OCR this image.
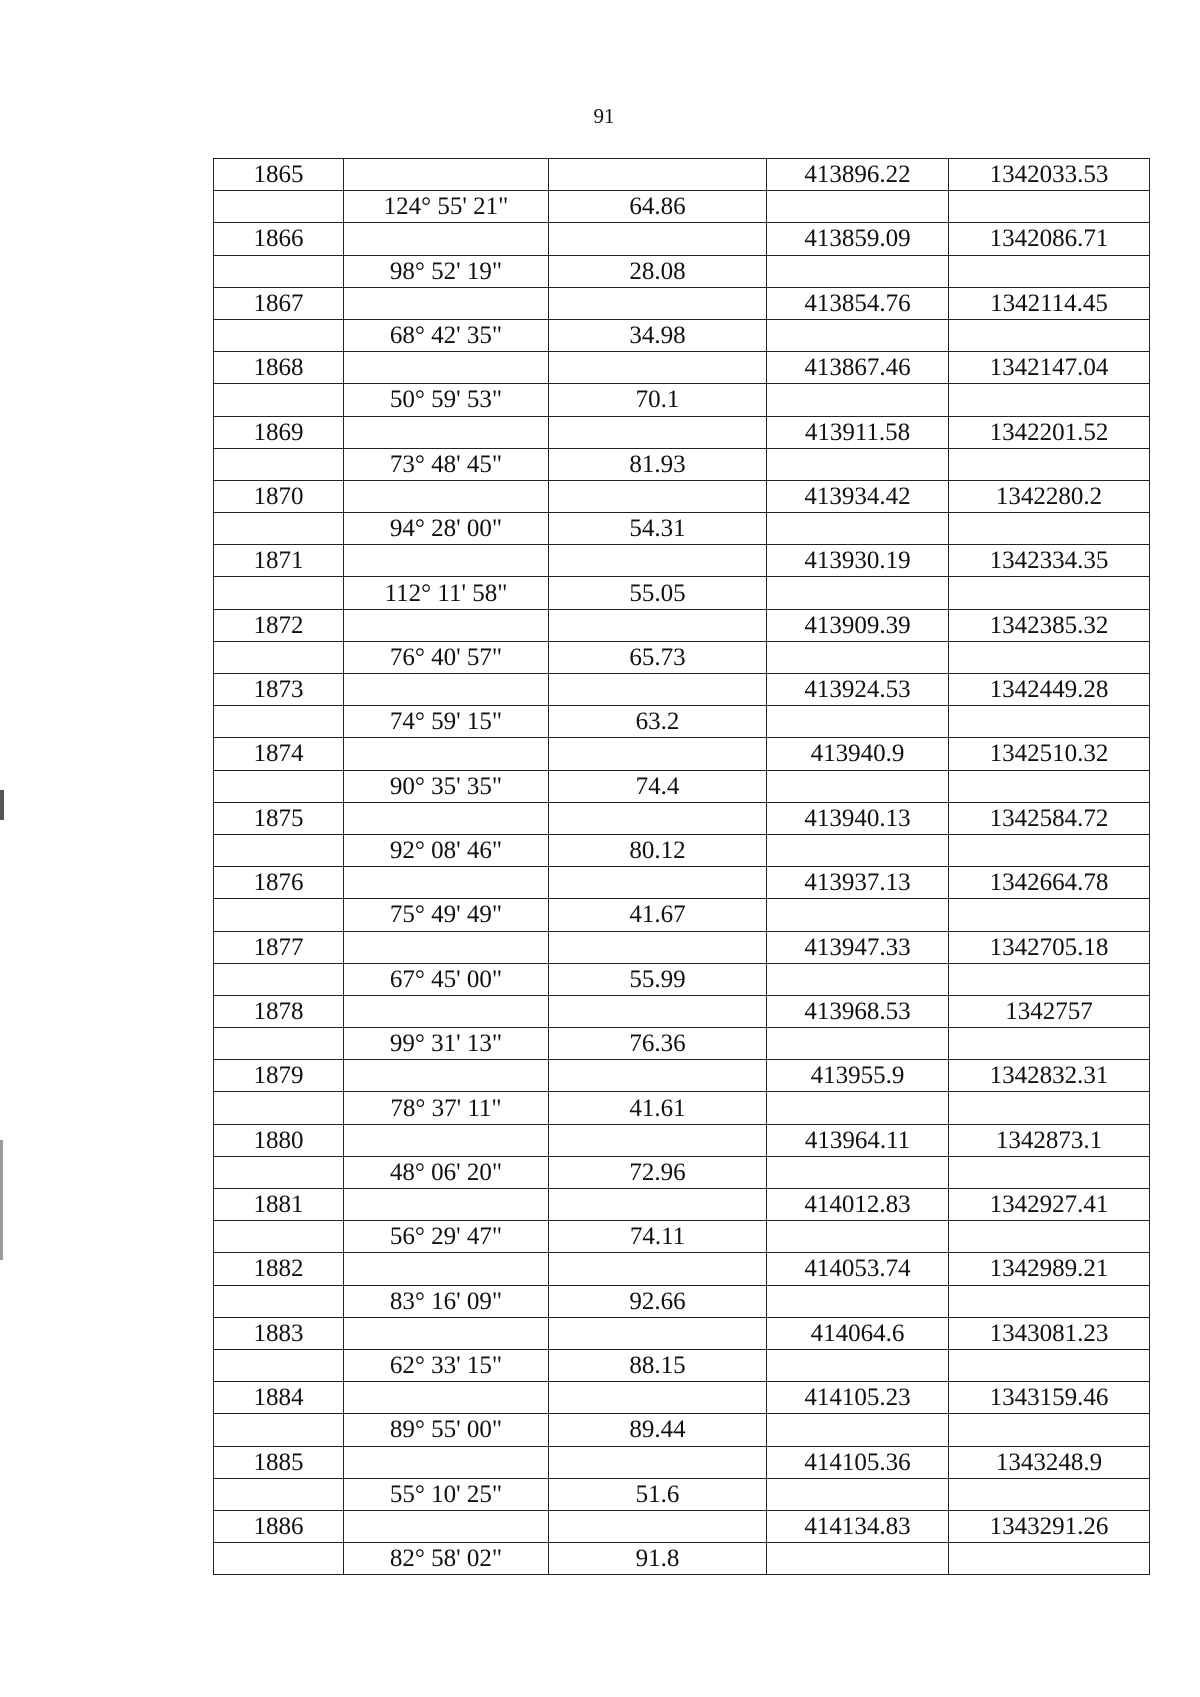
91
1865			413896.22	1342033.53
	124° 55' 21"	64.86		
1866			413859.09	1342086.71
	98° 52' 19"	28.08		
1867			413854.76	1342114.45
	68° 42' 35"	34.98		
1868			413867.46	1342147.04
	50° 59' 53"	70.1		
1869			413911.58	1342201.52
	73° 48' 45"	81.93		
1870			413934.42	1342280.2
	94° 28' 00"	54.31		
1871			413930.19	1342334.35
	112° 11' 58"	55.05		
1872			413909.39	1342385.32
	76° 40' 57"	65.73		
1873			413924.53	1342449.28
	74° 59' 15"	63.2		
1874			413940.9	1342510.32
	90° 35' 35"	74.4		
1875			413940.13	1342584.72
	92° 08' 46"	80.12		
1876			413937.13	1342664.78
	75° 49' 49"	41.67		
1877			413947.33	1342705.18
	67° 45' 00"	55.99		
1878			413968.53	1342757
	99° 31' 13"	76.36		
1879			413955.9	1342832.31
	78° 37' 11"	41.61		
1880			413964.11	1342873.1
	48° 06' 20"	72.96		
1881			414012.83	1342927.41
	56° 29' 47"	74.11		
1882			414053.74	1342989.21
	83° 16' 09"	92.66		
1883			414064.6	1343081.23
	62° 33' 15"	88.15		
1884			414105.23	1343159.46
	89° 55' 00"	89.44		
1885			414105.36	1343248.9
	55° 10' 25"	51.6		
1886			414134.83	1343291.26
	82° 58' 02"	91.8		
